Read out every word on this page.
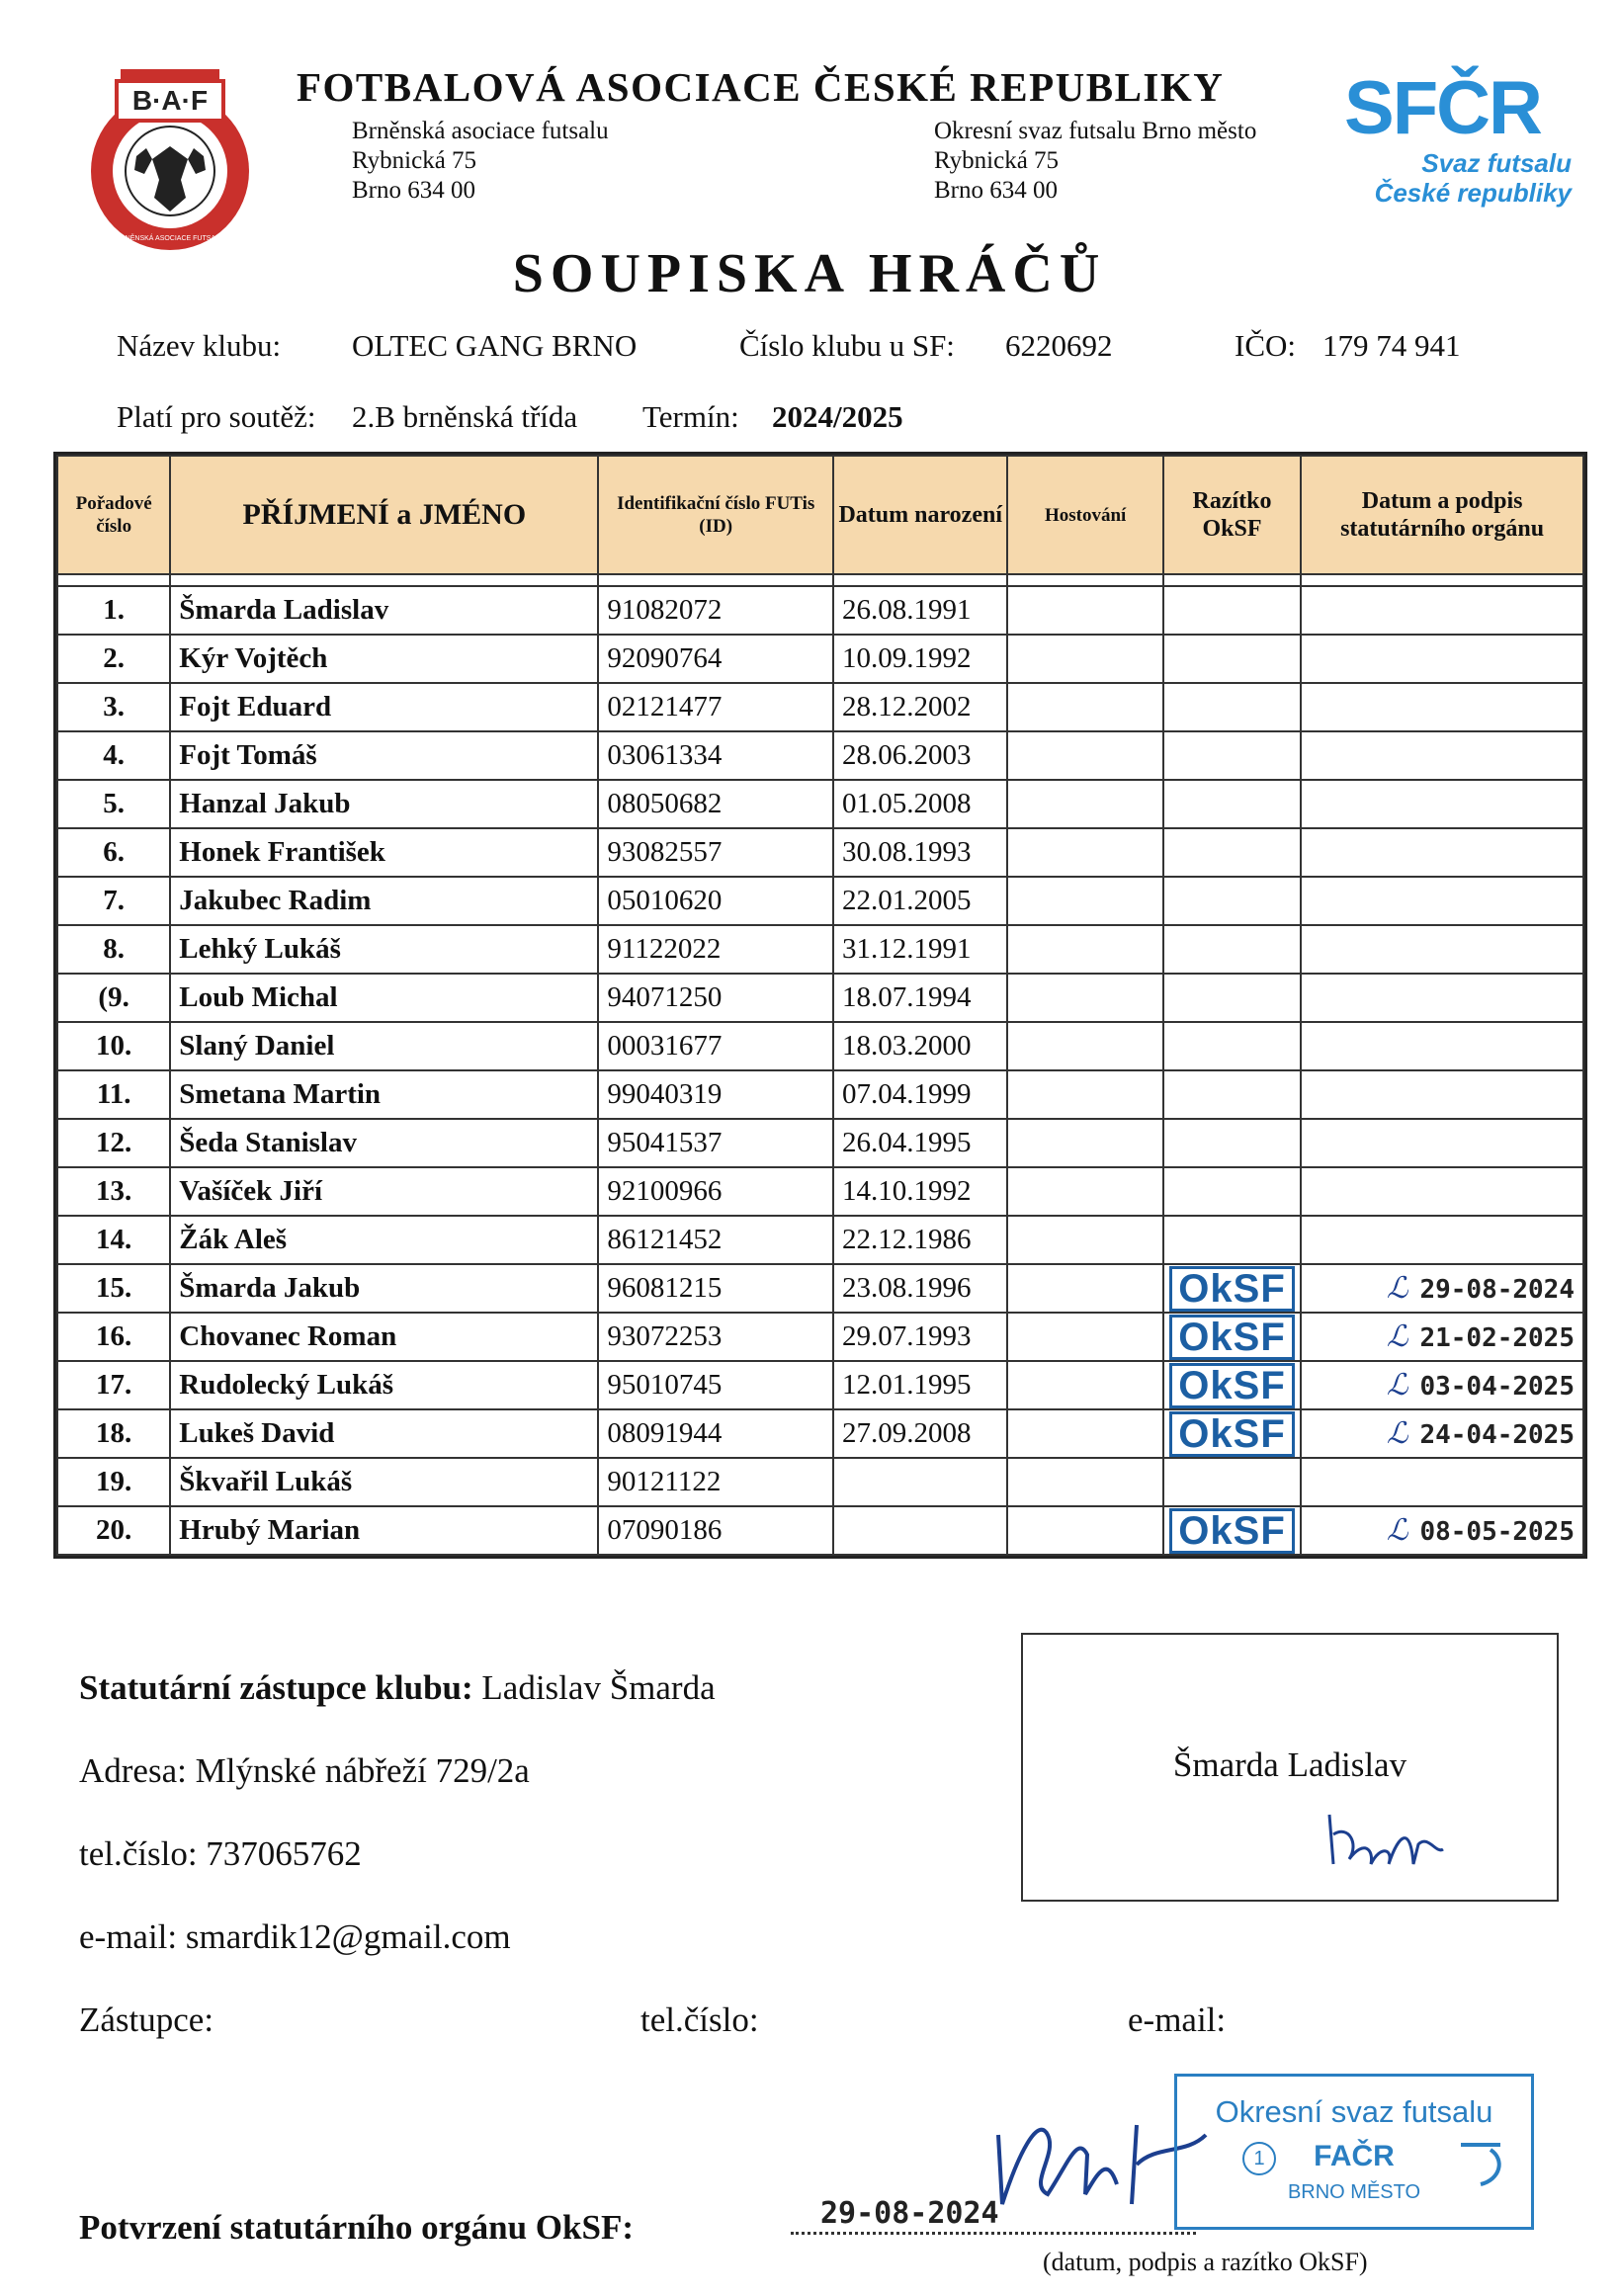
B·A·F
BRNĚNSKÁ ASOCIACE FUTSALU
SFČR
Svaz futsalu
České republiky
FOTBALOVÁ ASOCIACE ČESKÉ REPUBLIKY
Brněnská asociace futsalu
Rybnická 75
Brno 634 00
Okresní svaz futsalu Brno město
Rybnická 75
Brno 634 00
SOUPISKA HRÁČŮ
Název klubu: OLTEC GANG BRNO	Číslo klubu u SF: 6220692	IČO: 179 74 941
Platí pro soutěž: 2.B brněnská třída Termín: 2024/2025
Pořadové číslo	PŘÍJMENÍ a JMÉNO	Identifikační číslo FUTis (ID)	Datum narození	Hostování	Razítko OkSF	Datum a podpis statutárního orgánu

1.	Šmarda Ladislav	91082072	26.08.1991			
2.	Kýr Vojtěch	92090764	10.09.1992			
3.	Fojt Eduard	02121477	28.12.2002			
4.	Fojt Tomáš	03061334	28.06.2003			
5.	Hanzal Jakub	08050682	01.05.2008			
6.	Honek František	93082557	30.08.1993			
7.	Jakubec Radim	05010620	22.01.2005			
8.	Lehký Lukáš	91122022	31.12.1991			
(9.	Loub Michal	94071250	18.07.1994			
10.	Slaný Daniel	00031677	18.03.2000			
11.	Smetana Martin	99040319	07.04.1999			
12.	Šeda Stanislav	95041537	26.04.1995			
13.	Vašíček Jiří	92100966	14.10.1992			
14.	Žák Aleš	86121452	22.12.1986			
15.	Šmarda Jakub	96081215	23.08.1996		OkSF	ℒ 29-08-2024
16.	Chovanec Roman	93072253	29.07.1993		OkSF	ℒ 21-02-2025
17.	Rudolecký Lukáš	95010745	12.01.1995		OkSF	ℒ 03-04-2025
18.	Lukeš David	08091944	27.09.2008		OkSF	ℒ 24-04-2025
19.	Škvařil Lukáš	90121122				
20.	Hrubý Marian	07090186			OkSF	ℒ 08-05-2025
Statutární zástupce klubu: Ladislav Šmarda
Adresa: Mlýnské nábřeží 729/2a
tel.číslo: 737065762
e-mail: smardik12@gmail.com
Zástupce:	tel.číslo:	e-mail:
Šmarda Ladislav
Potvrzení statutárního orgánu OkSF:	29-08-2024
(datum, podpis a razítko OkSF)
Okresní svaz futsalu
FAČR
BRNO MĚSTO
1
